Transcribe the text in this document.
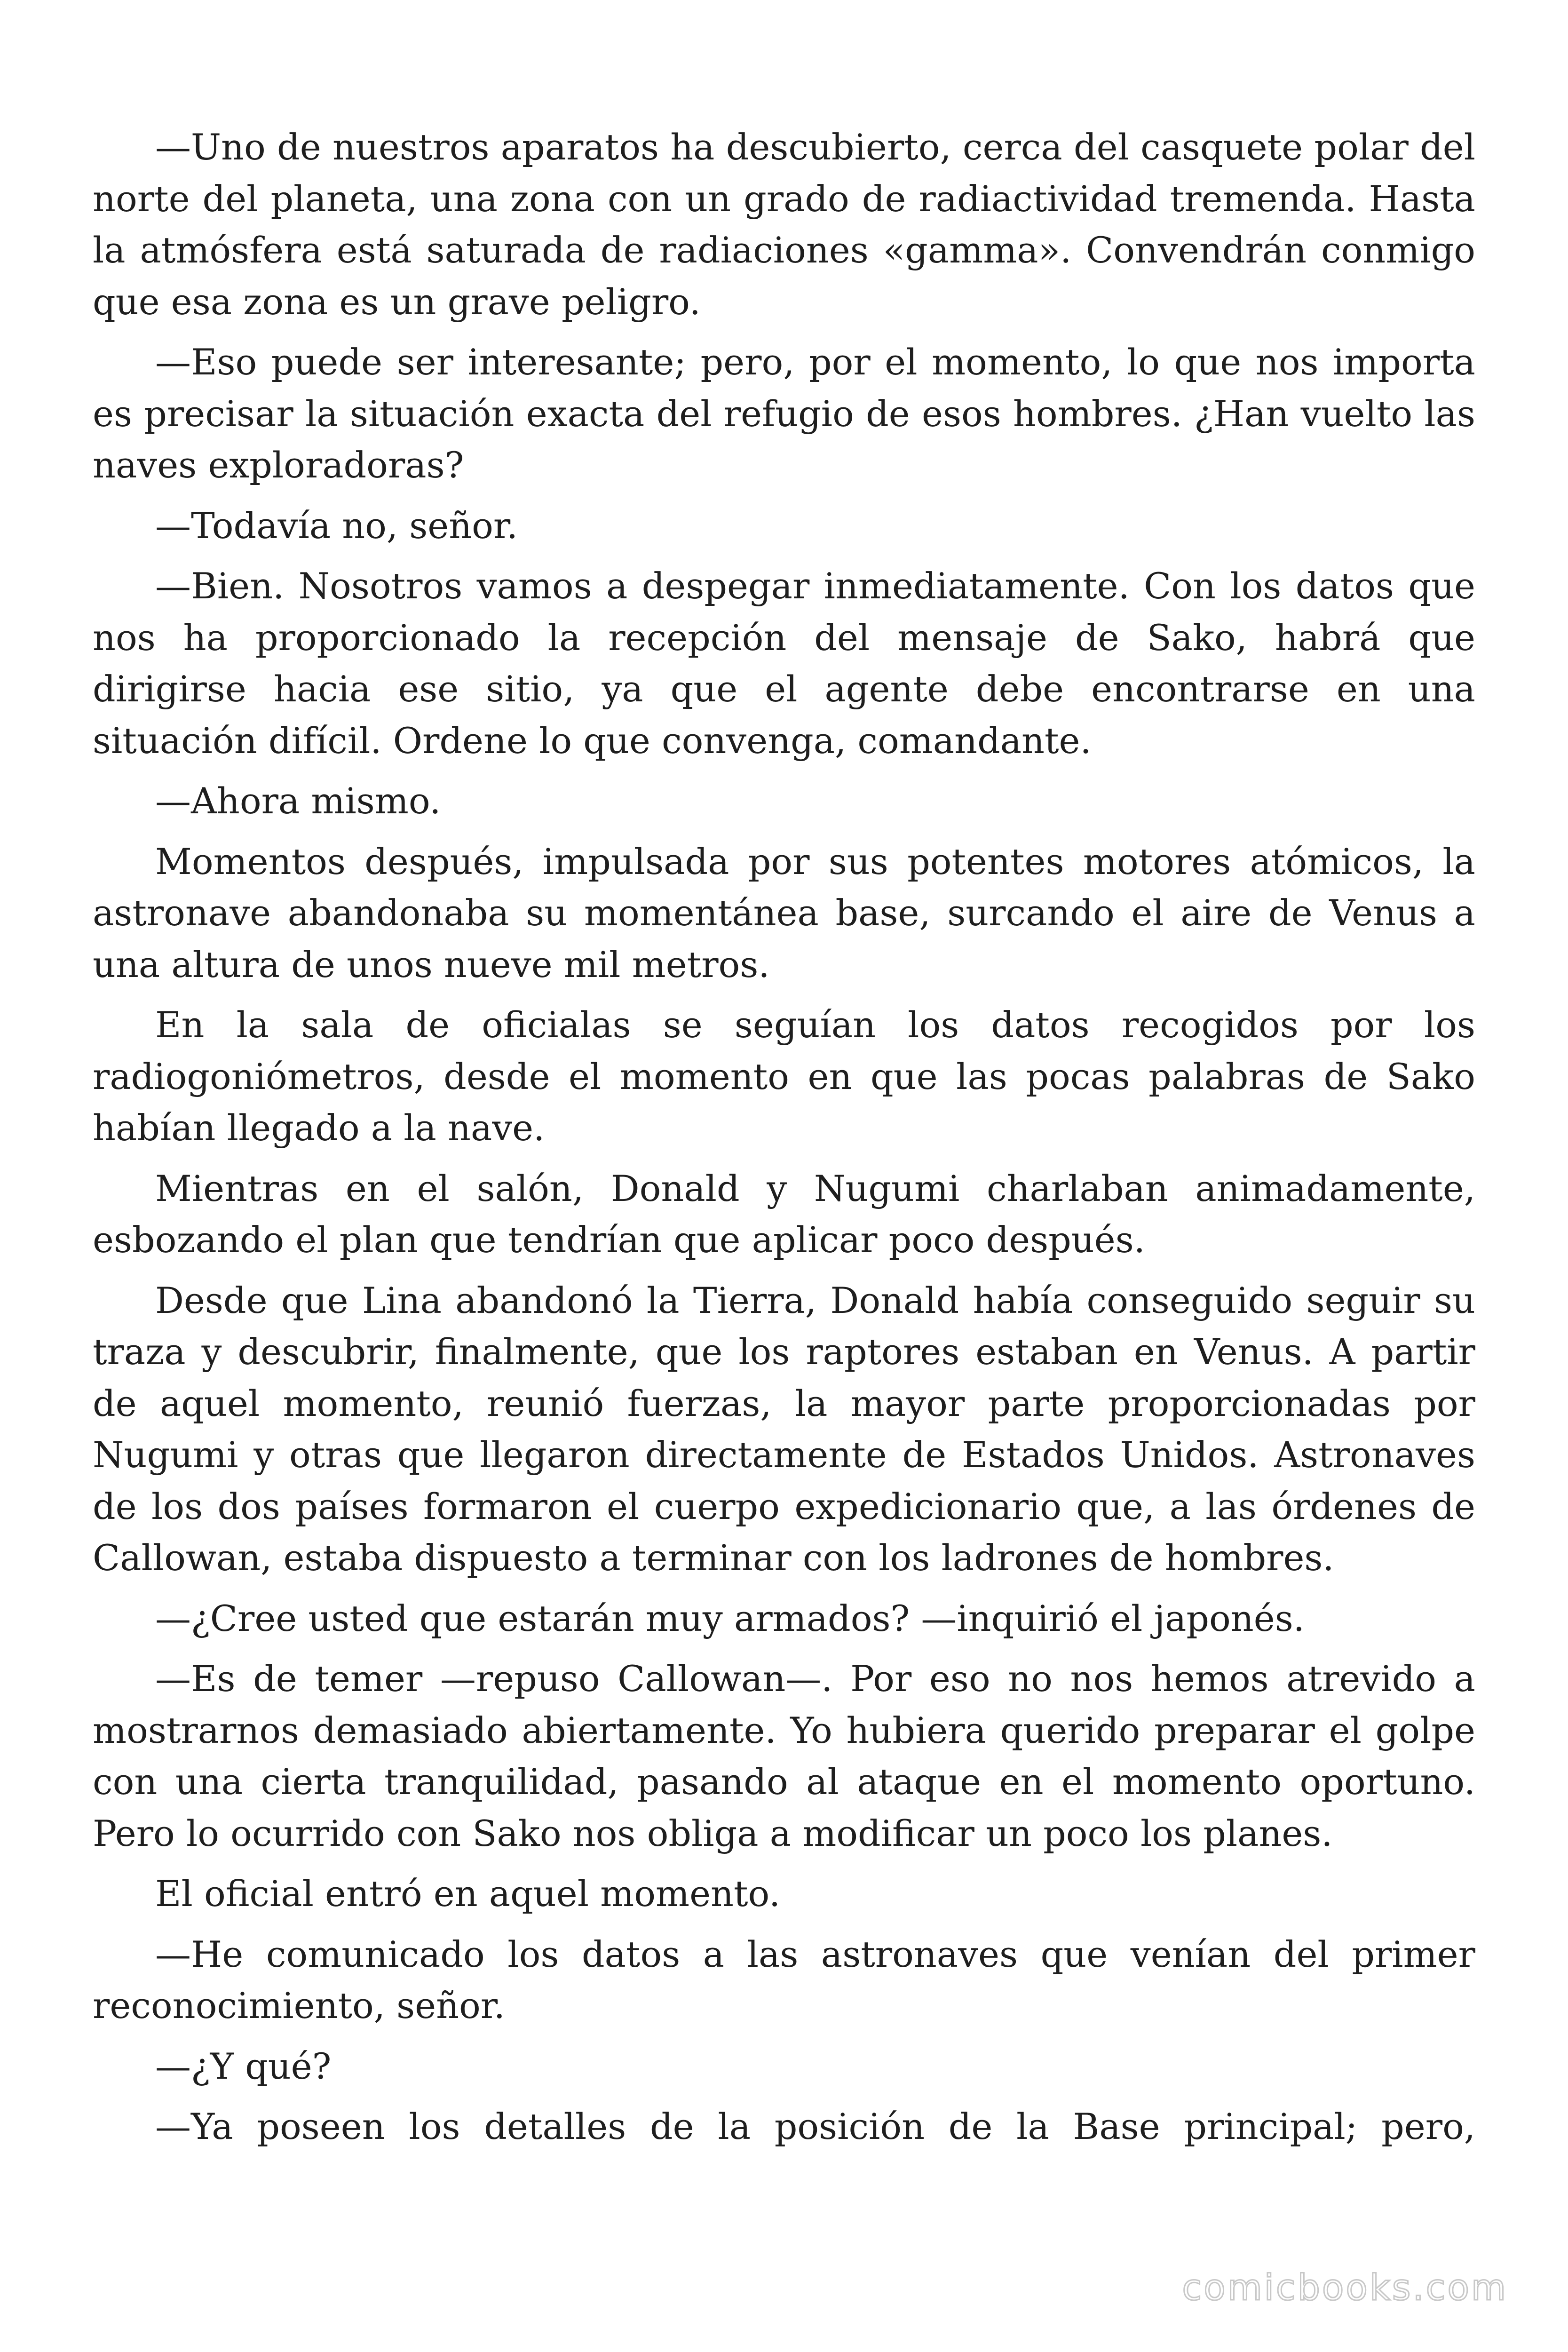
—Uno de nuestros aparatos ha descubierto, cerca del casquete polar del norte del planeta, una zona con un grado de radiactividad tremenda. Hasta la atmósfera está saturada de radiaciones «gamma». Convendrán conmigo que esa zona es un grave peligro.

—Eso puede ser interesante; pero, por el momento, lo que nos importa es precisar la situación exacta del refugio de esos hombres. ¿Han vuelto las naves exploradoras?

—Todavía no, señor.

—Bien. Nosotros vamos a despegar inmediatamente. Con los datos que nos ha proporcionado la recepción del mensaje de Sako, habrá que dirigirse hacia ese sitio, ya que el agente debe encontrarse en una situación difícil. Ordene lo que convenga, comandante.

—Ahora mismo.

Momentos después, impulsada por sus potentes motores atómicos, la astronave abandonaba su momentánea base, surcando el aire de Venus a una altura de unos nueve mil metros.

En la sala de oficialas se seguían los datos recogidos por los radiogoniómetros, desde el momento en que las pocas palabras de Sako habían llegado a la nave.

Mientras en el salón, Donald y Nugumi charlaban animadamente, esbozando el plan que tendrían que aplicar poco después.

Desde que Lina abandonó la Tierra, Donald había conseguido seguir su traza y descubrir, finalmente, que los raptores estaban en Venus. A partir de aquel momento, reunió fuerzas, la mayor parte proporcionadas por Nugumi y otras que llegaron directamente de Estados Unidos. Astronaves de los dos países formaron el cuerpo expedicionario que, a las órdenes de Callowan, estaba dispuesto a terminar con los ladrones de hombres.

—¿Cree usted que estarán muy armados? —inquirió el japonés.

—Es de temer —repuso Callowan—. Por eso no nos hemos atrevido a mostrarnos demasiado abiertamente. Yo hubiera querido preparar el golpe con una cierta tranquilidad, pasando al ataque en el momento oportuno. Pero lo ocurrido con Sako nos obliga a modificar un poco los planes.

El oficial entró en aquel momento.

—He comunicado los datos a las astronaves que venían del primer reconocimiento, señor.

—¿Y qué?

—Ya poseen los detalles de la posición de la Base principal; pero,

comicbooks.com
